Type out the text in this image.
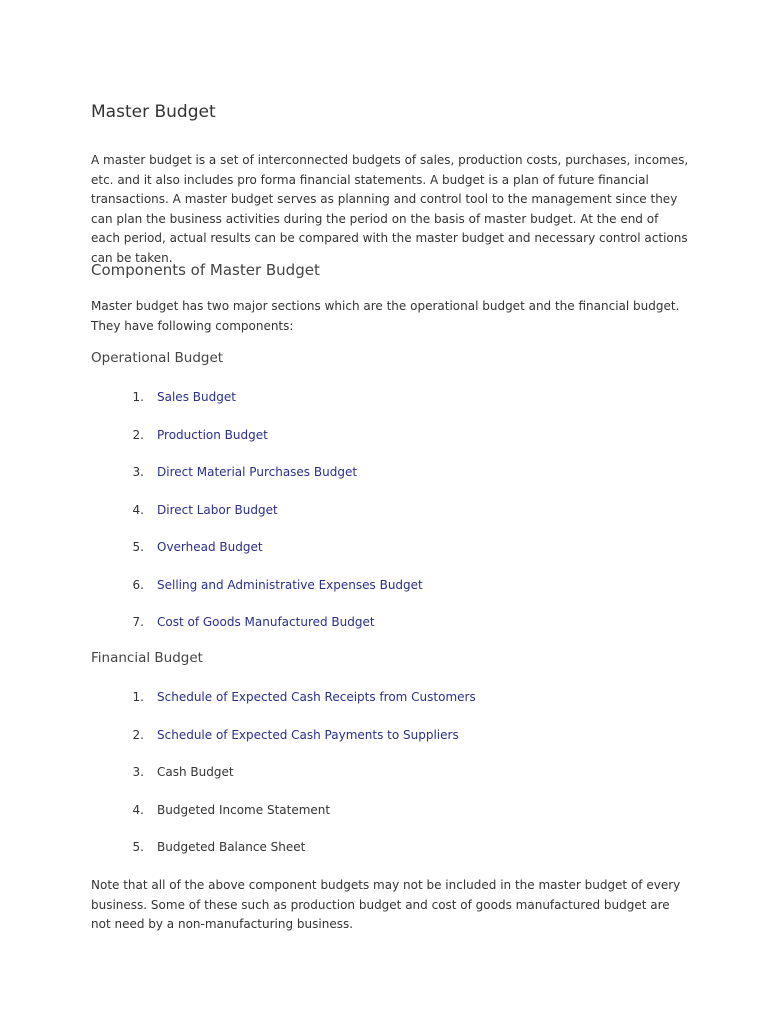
Master Budget

A master budget is a set of interconnected budgets of sales, production costs, purchases, incomes, etc. and it also includes pro forma financial statements. A budget is a plan of future financial transactions. A master budget serves as planning and control tool to the management since they can plan the business activities during the period on the basis of master budget. At the end of each period, actual results can be compared with the master budget and necessary control actions can be taken.

Components of Master Budget

Master budget has two major sections which are the operational budget and the financial budget. They have following components:

Operational Budget
1. Sales Budget
2. Production Budget
3. Direct Material Purchases Budget
4. Direct Labor Budget
5. Overhead Budget
6. Selling and Administrative Expenses Budget
7. Cost of Goods Manufactured Budget
Financial Budget
1. Schedule of Expected Cash Receipts from Customers
2. Schedule of Expected Cash Payments to Suppliers
3. Cash Budget
4. Budgeted Income Statement
5. Budgeted Balance Sheet

Note that all of the above component budgets may not be included in the master budget of every business. Some of these such as production budget and cost of goods manufactured budget are not need by a non-manufacturing business.
